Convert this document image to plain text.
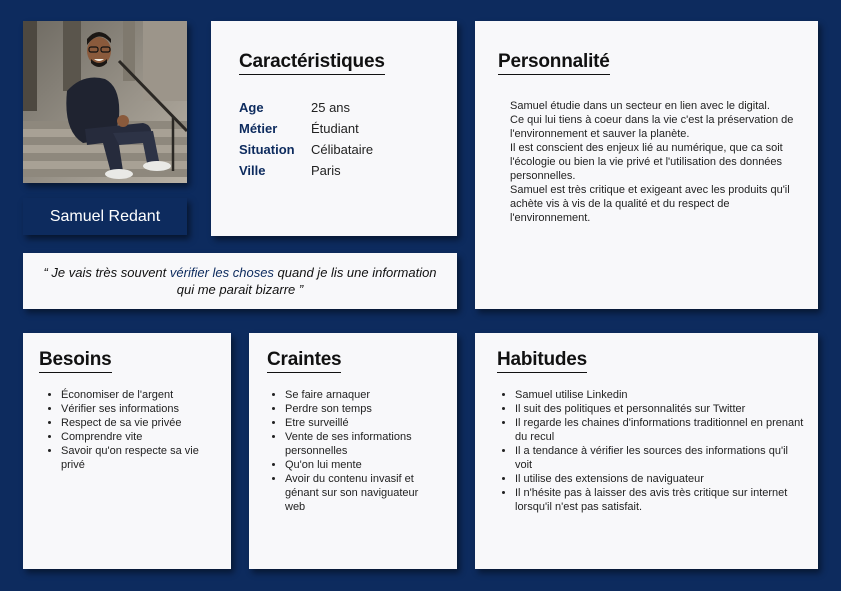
Samuel Redant
Caractéristiques
Age	25 ans
Métier	Étudiant
Situation	Célibataire
Ville	Paris
Personnalité

Samuel étudie dans un secteur en lien avec le digital.
Ce qui lui tiens à coeur dans la vie c'est la préservation de l'environnement et sauver la planète.
Il est conscient des enjeux lié au numérique, que ca soit l'écologie ou bien la vie privé et l'utilisation des données personnelles.
Samuel est très critique et exigeant avec les produits qu'il achète vis à vis de la qualité et du respect de l'environnement.

“ Je vais très souvent vérifier les choses quand je lis une information qui me parait bizarre ”
Besoins
• Économiser de l'argent
• Vérifier ses informations
• Respect de sa vie privée
• Comprendre vite
• Savoir qu'on respecte sa vie privé
Craintes
• Se faire arnaquer
• Perdre son temps
• Etre surveillé
• Vente de ses informations personnelles
• Qu'on lui mente
• Avoir du contenu invasif et génant sur son naviguateur web
Habitudes
• Samuel utilise Linkedin
• Il suit des politiques et personnalités sur Twitter
• Il regarde les chaines d'informations traditionnel en prenant du recul
• Il a tendance à vérifier les sources des informations qu'il voit
• Il utilise des extensions de naviguateur
• Il n'hésite pas à laisser des avis très critique sur internet lorsqu'il n'est pas satisfait.
